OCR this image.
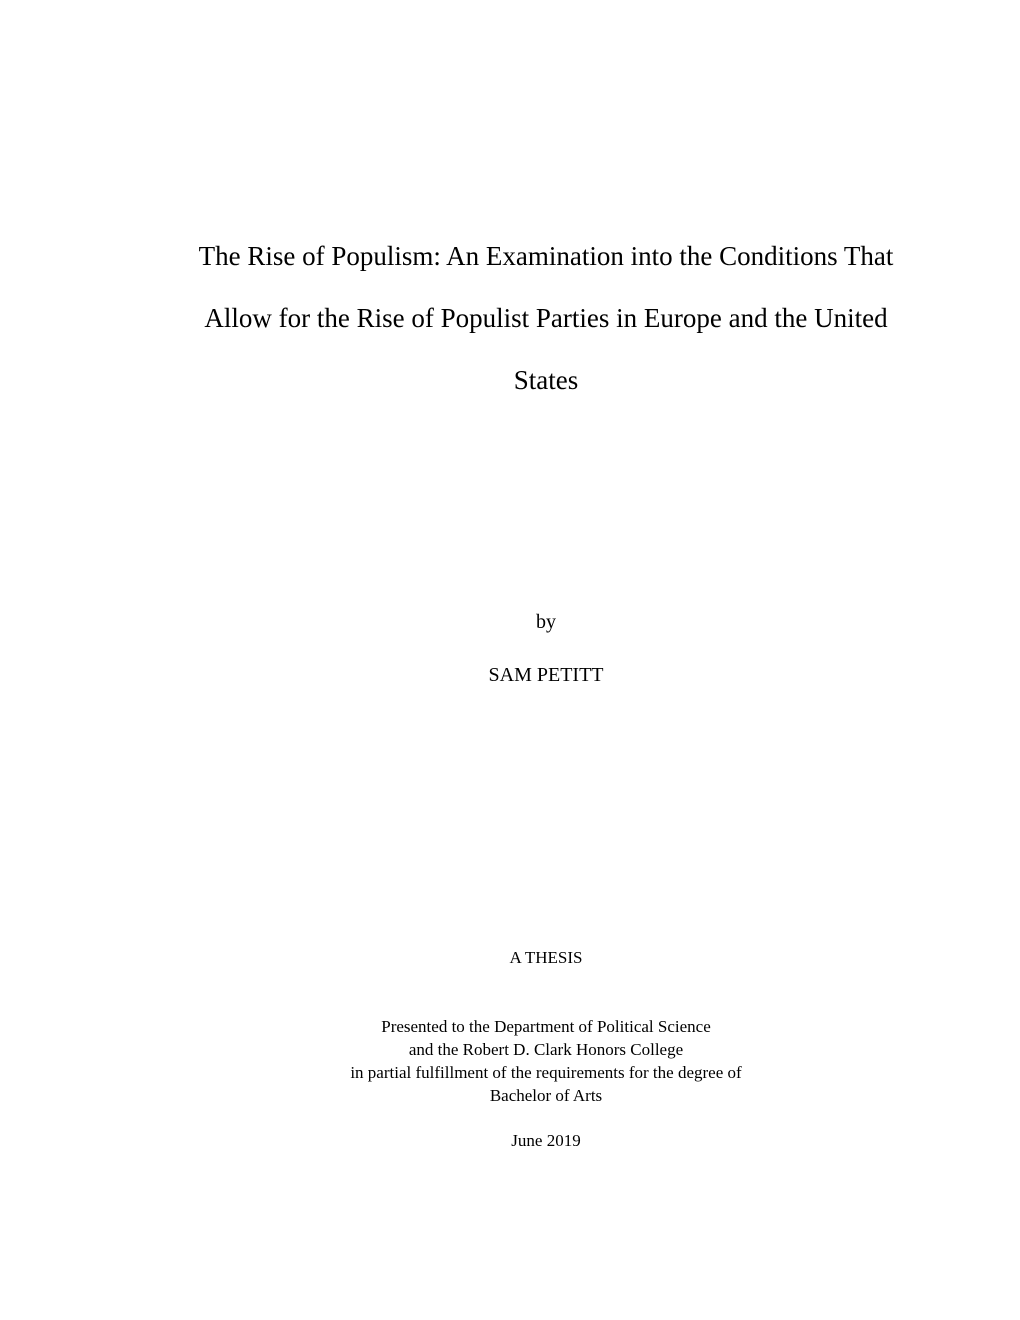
The Rise of Populism: An Examination into the Conditions That
Allow for the Rise of Populist Parties in Europe and the United
States
by
SAM PETITT
A THESIS
Presented to the Department of Political Science
and the Robert D. Clark Honors College
in partial fulfillment of the requirements for the degree of
Bachelor of Arts
June 2019
